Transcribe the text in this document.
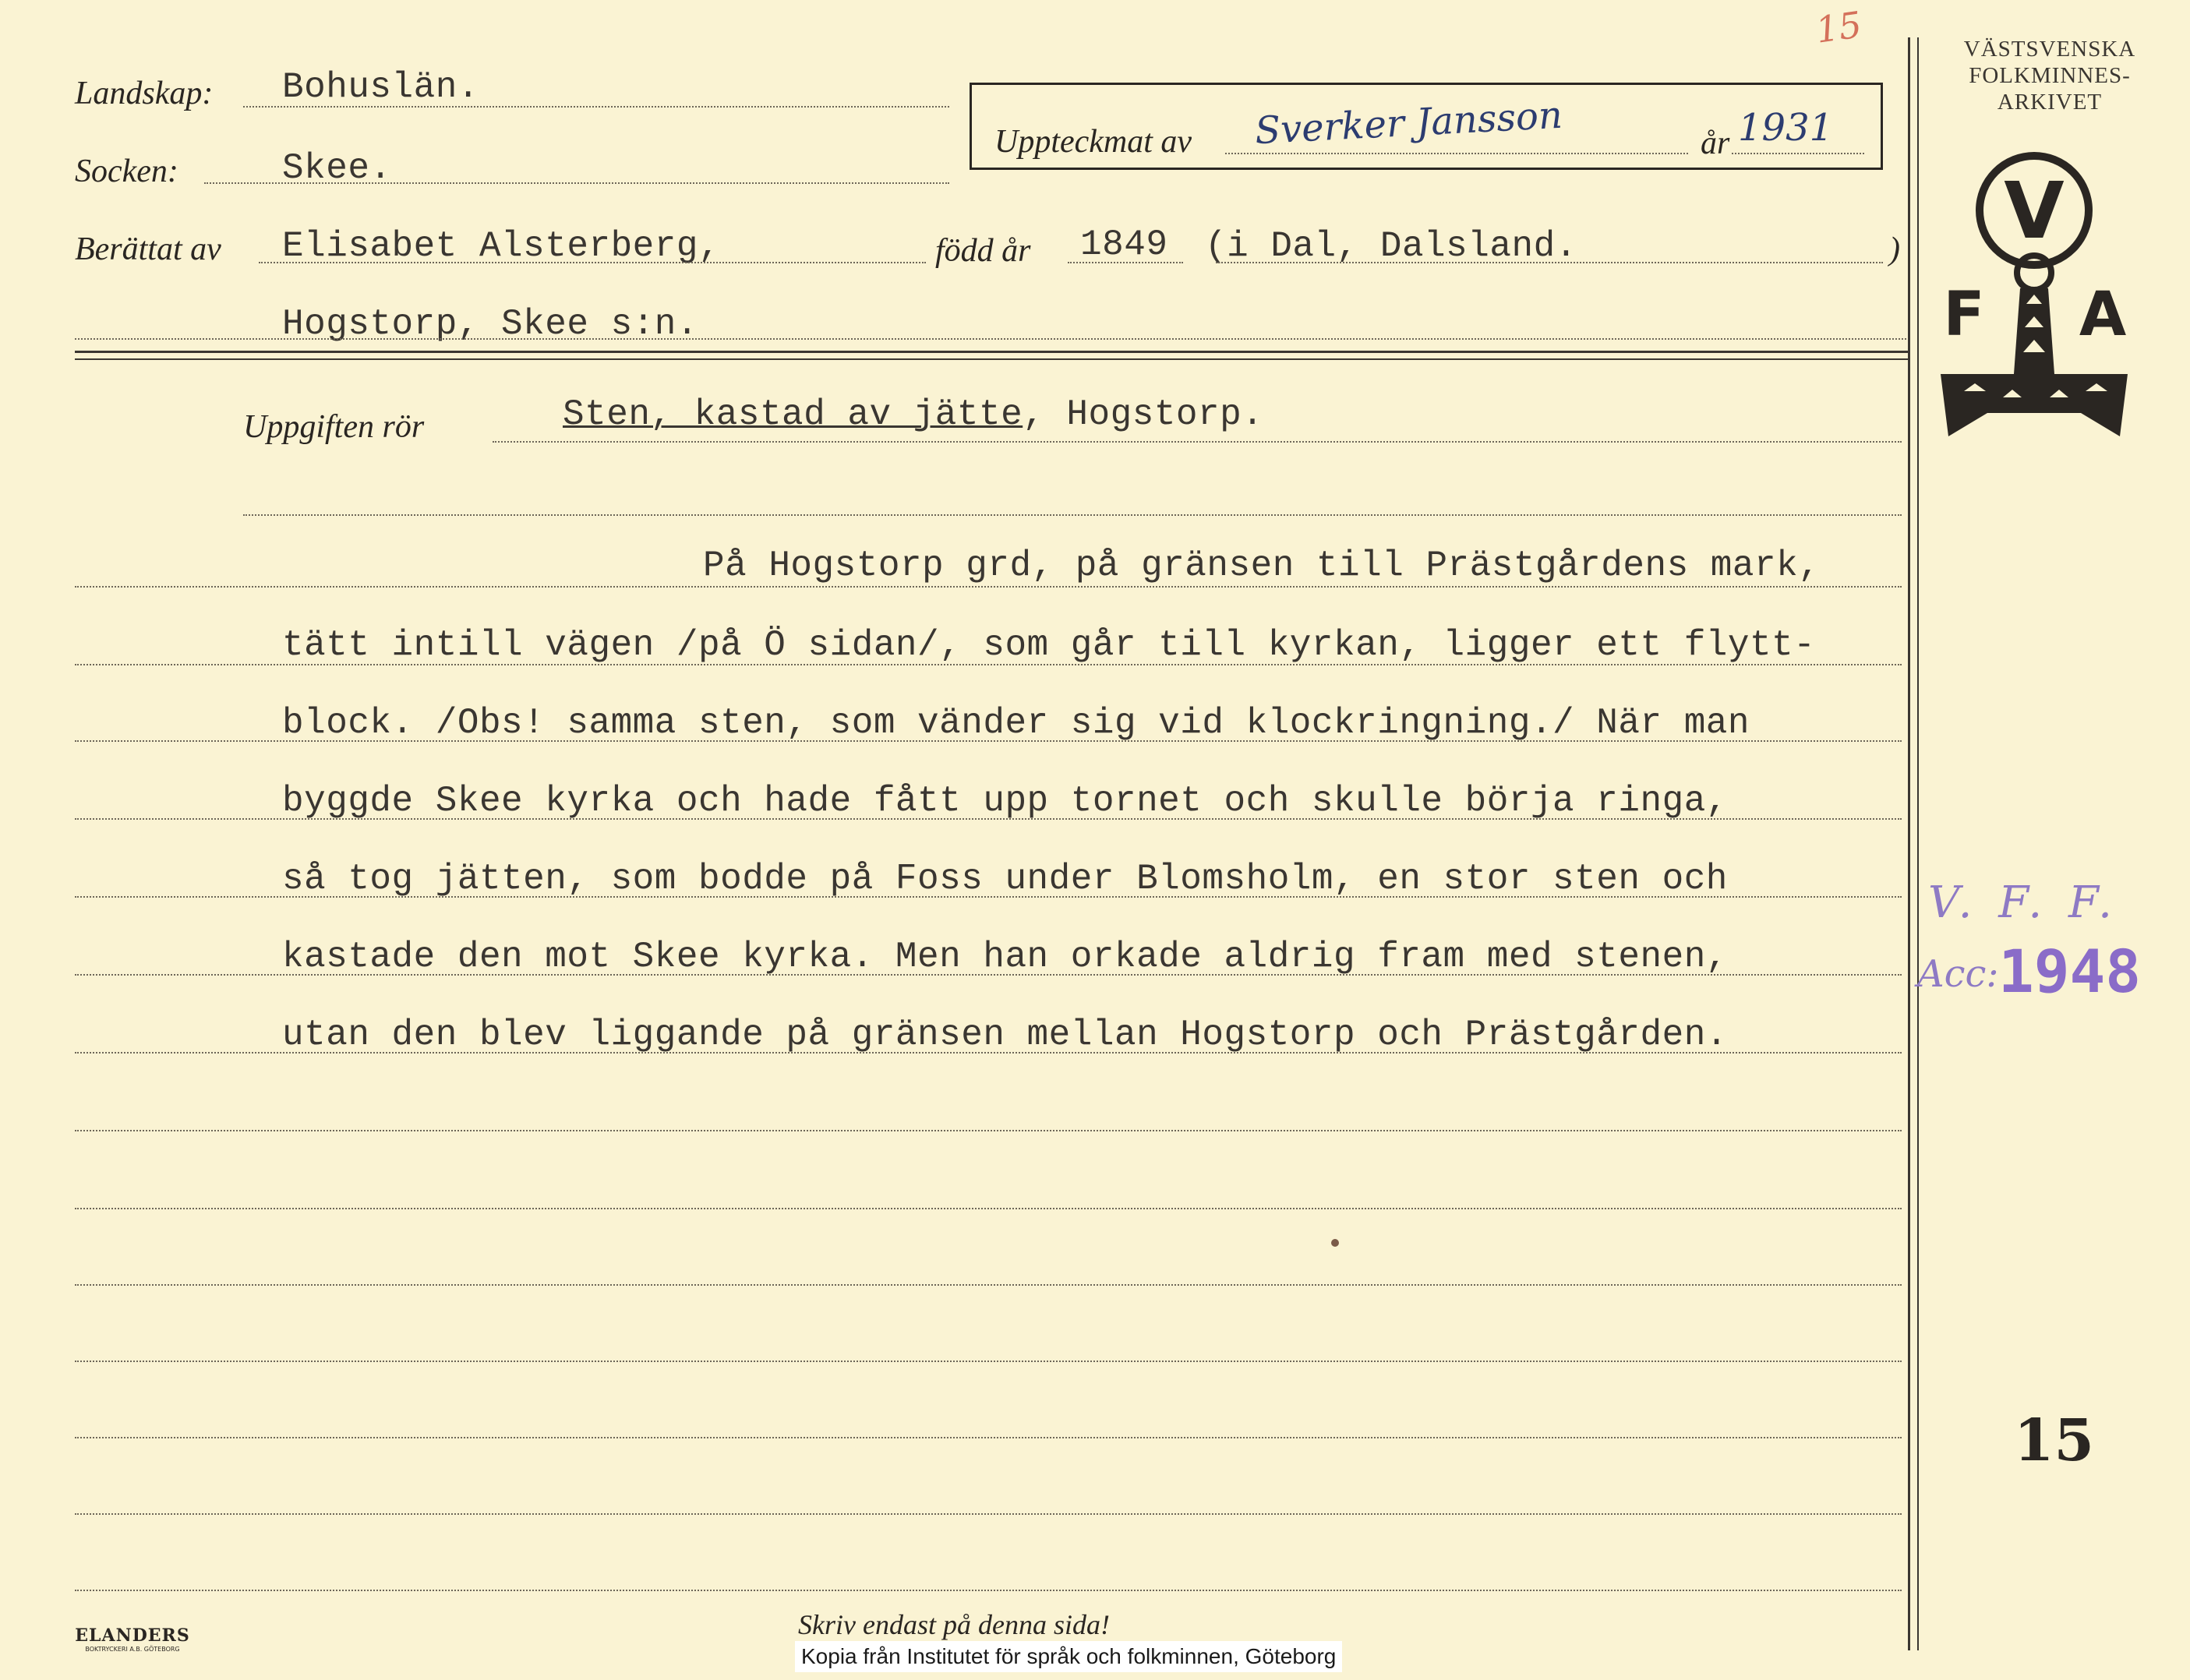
15
Landskap: Bohuslän.
Socken:	Skee.
Uppteckmat av Sverker Jansson	år 1931
Berättat av Elisabet Alsterberg,	född år 1849 (i Dal, Dalsland.	)
Hogstorp, Skee s:n.
VÄSTSVENSKA
FOLKMINNES-
ARKIVET
V
F A
Uppgiften rör	Sten, kastad av jätte, Hogstorp.
På Hogstorp grd, på gränsen till Prästgårdens mark,
tätt intill vägen /på Ö sidan/, som går till kyrkan, ligger ett flytt-
block. /Obs! samma sten, som vänder sig vid klockringning./ När man
byggde Skee kyrka och hade fått upp tornet och skulle börja ringa,
så tog jätten, som bodde på Foss under Blomsholm, en stor sten och
kastade den mot Skee kyrka. Men han orkade aldrig fram med stenen,
utan den blev liggande på gränsen mellan Hogstorp och Prästgården.
V. F. F.
Acc: 1948
15
Skriv endast på denna sida!
ELANDERS
BOKTRYCKERI A.B. GÖTEBORG	Kopia från Institutet för språk och folkminnen, Göteborg
